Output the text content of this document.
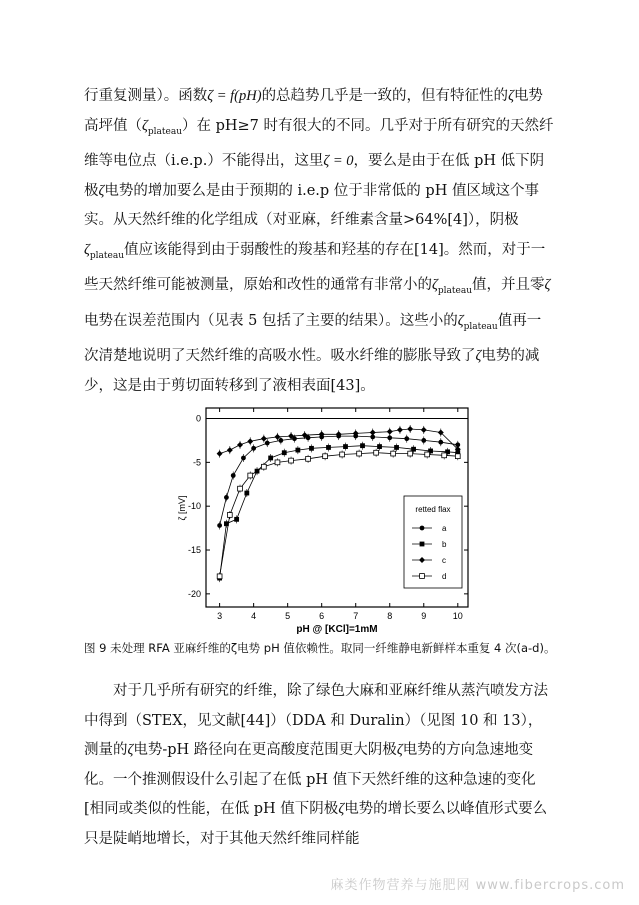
行重复测量）。函数ζ = f(pH)的总趋势几乎是一致的，但有特征性的ζ电势高坪值$(\zeta_{plateau})$在 pH≥7 时有很大的不同。几乎对于所有研究的天然纤维等电位点（i.e.p.）不能得出，这里ζ = 0，要么是由于在低 pH 低下阴极ζ电势的增加要么是由于预期的 i.e.p 位于非常低的 pH 值区域这个事实。从天然纤维的化学组成（对亚麻，纤维素含量>64%[4]），阴极$\zeta_{plateau}$值应该能得到由于弱酸性的羧基和羟基的存在[14]。然而，对于一些天然纤维可能被测量，原始和改性的通常有非常小的$\zeta_{plateau}$值，并且零ζ电势在误差范围内（见表 5 包括了主要的结果）。这些小的$\zeta_{plateau}$值再一次清楚地说明了天然纤维的高吸水性。吸水纤维的膨胀导致了ζ电势的减少，这是由于剪切面转移到了液相表面[43]。

3	4	5	6	7	8	9	10
0
-5
-10
-15
-20
ζ [mV]
pH @ [KCl]=1mM
retted flax
a
b
c
d

图 9 未处理 RFA 亚麻纤维的ζ电势 pH 值依赖性。取同一纤维静电新鲜样本重复 4 次(a-d)。

对于几乎所有研究的纤维，除了绿色大麻和亚麻纤维从蒸汽喷发方法中得到（STEX，见文献[44]）（DDA 和 Duralin）（见图 10 和 13），测量的ζ电势-pH 路径向在更高酸度范围更大阴极ζ电势的方向急速地变化。一个推测假设什么引起了在低 pH 值下天然纤维的这种急速的变化[相同或类似的性能，在低 pH 值下阴极ζ电势的增长要么以峰值形式要么只是陡峭地增长，对于其他天然纤维同样能

麻类作物营养与施肥网 www.fibercrops.com
